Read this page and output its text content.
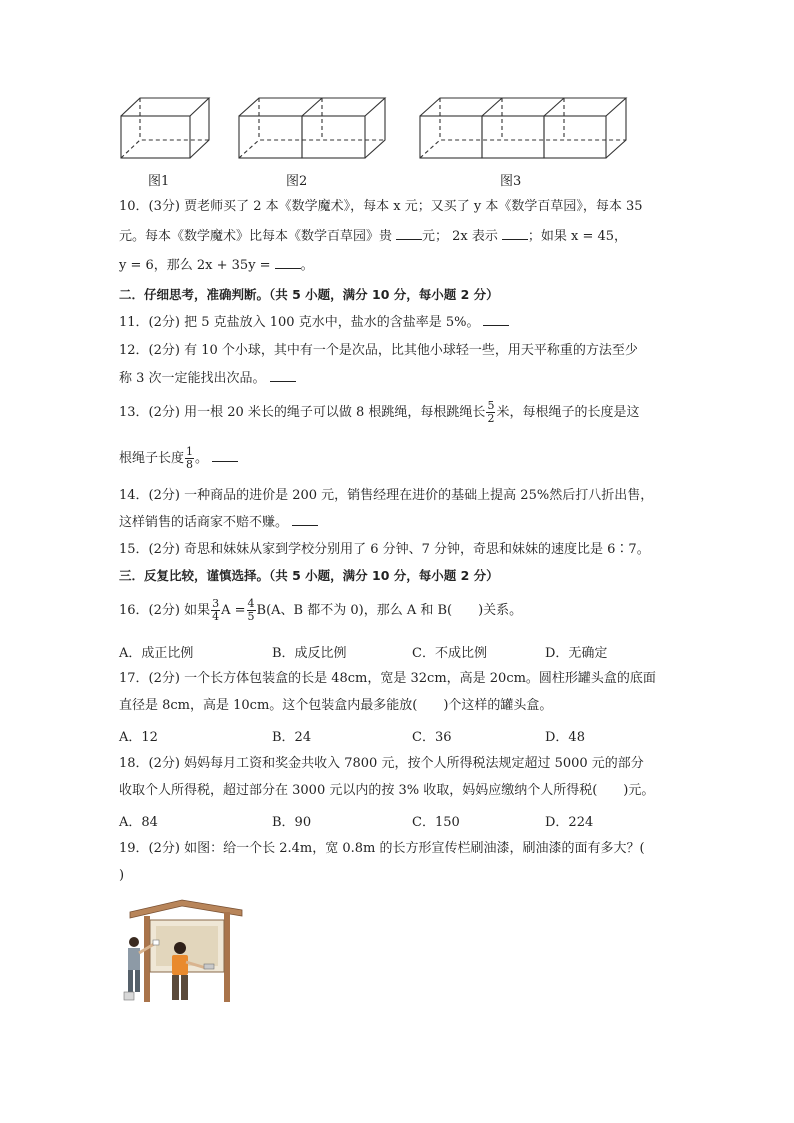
图1	图2	图3
10．(3分) 贾老师买了 2 本《数学魔术》，每本 x 元；又买了 y 本《数学百草园》，每本 35
元。每本《数学魔术》比每本《数学百草园》贵 元； 2x 表示 ；如果 x = 45，
y = 6，那么 2x + 35y = 。
二．仔细思考，准确判断。（共 5 小题，满分 10 分，每小题 2 分）
11．(2分) 把 5 克盐放入 100 克水中，盐水的含盐率是 5%。
12．(2分) 有 10 个小球，其中有一个是次品，比其他小球轻一些，用天平称重的方法至少
称 3 次一定能找出次品。
13．(2分) 用一根 20 米长的绳子可以做 8 根跳绳，每根跳绳长 $\frac{5}{2}$ 米，每根绳子的长度是这
根绳子长度 $\frac{1}{8}$ 。
14．(2分) 一种商品的进价是 200 元，销售经理在进价的基础上提高 25%然后打八折出售，
这样销售的话商家不赔不赚。
15．(2分) 奇思和妹妹从家到学校分别用了 6 分钟、7 分钟，奇思和妹妹的速度比是 6∶7。
三．反复比较，谨慎选择。（共 5 小题，满分 10 分，每小题 2 分）
16．(2分) 如果 $\frac{3}{4}$ $A = \frac{4}{5} B(A$、B 都不为 0)，那么 A 和 B(　　)关系。
A．成正比例	B．成反比例	C．不成比例	D．无确定
17．(2分) 一个长方体包装盒的长是 48cm，宽是 32cm，高是 20cm。圆柱形罐头盒的底面
直径是 8cm，高是 10cm。这个包装盒内最多能放(　　)个这样的罐头盒。
A．12	B．24	C．36	D．48
18．(2分) 妈妈每月工资和奖金共收入 7800 元，按个人所得税法规定超过 5000 元的部分
收取个人所得税，超过部分在 3000 元以内的按 3% 收取，妈妈应缴纳个人所得税(　　)元。
A．84	B．90	C．150	D．224
19．(2分) 如图：给一个长 2.4m，宽 0.8m 的长方形宣传栏刷油漆，刷油漆的面有多大？(
)
